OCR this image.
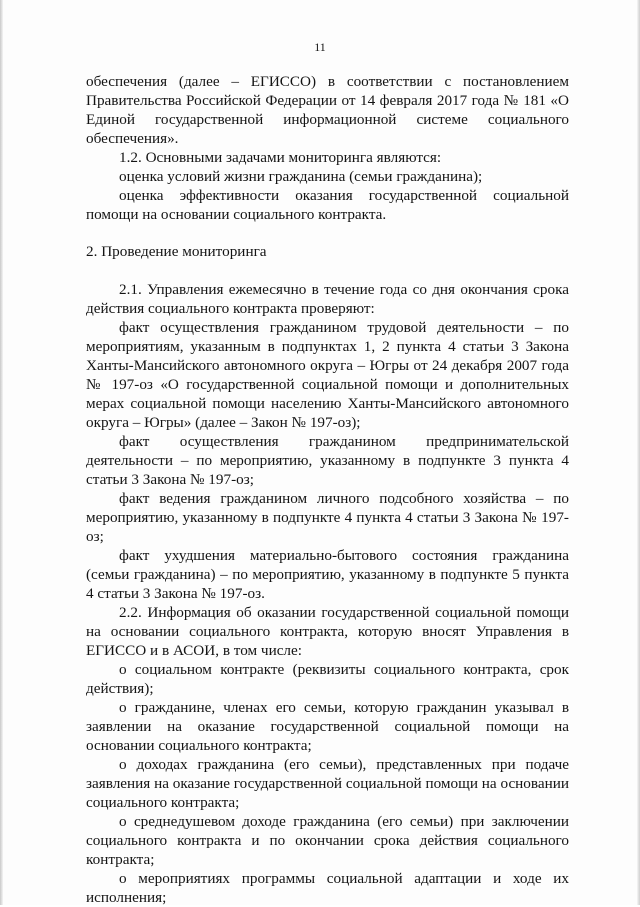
11

обеспечения (далее – ЕГИССО) в соответствии с постановлением Правительства Российской Федерации от 14 февраля 2017 года № 181 «О Единой государственной информационной системе социального обеспечения».

1.2. Основными задачами мониторинга являются:

оценка условий жизни гражданина (семьи гражданина);

оценка эффективности оказания государственной социальной помощи на основании социального контракта.

2. Проведение мониторинга

2.1. Управления ежемесячно в течение года со дня окончания срока действия социального контракта проверяют:

факт осуществления гражданином трудовой деятельности – по мероприятиям, указанным в подпунктах 1, 2 пункта 4 статьи 3 Закона Ханты-Мансийского автономного округа – Югры от 24 декабря 2007 года № 197-оз «О государственной социальной помощи и дополнительных мерах социальной помощи населению Ханты-Мансийского автономного округа – Югры» (далее – Закон № 197-оз);

факт осуществления гражданином предпринимательской деятельности – по мероприятию, указанному в подпункте 3 пункта 4 статьи 3 Закона № 197-оз;

факт ведения гражданином личного подсобного хозяйства – по мероприятию, указанному в подпункте 4 пункта 4 статьи 3 Закона № 197-оз;

факт ухудшения материально-бытового состояния гражданина (семьи гражданина) – по мероприятию, указанному в подпункте 5 пункта 4 статьи 3 Закона № 197-оз.

2.2. Информация об оказании государственной социальной помощи на основании социального контракта, которую вносят Управления в ЕГИССО и в АСОИ, в том числе:

о социальном контракте (реквизиты социального контракта, срок действия);

о гражданине, членах его семьи, которую гражданин указывал в заявлении на оказание государственной социальной помощи на основании социального контракта;

о доходах гражданина (его семьи), представленных при подаче заявления на оказание государственной социальной помощи на основании социального контракта;

о среднедушевом доходе гражданина (его семьи) при заключении социального контракта и по окончании срока действия социального контракта;

о мероприятиях программы социальной адаптации и ходе их исполнения;
